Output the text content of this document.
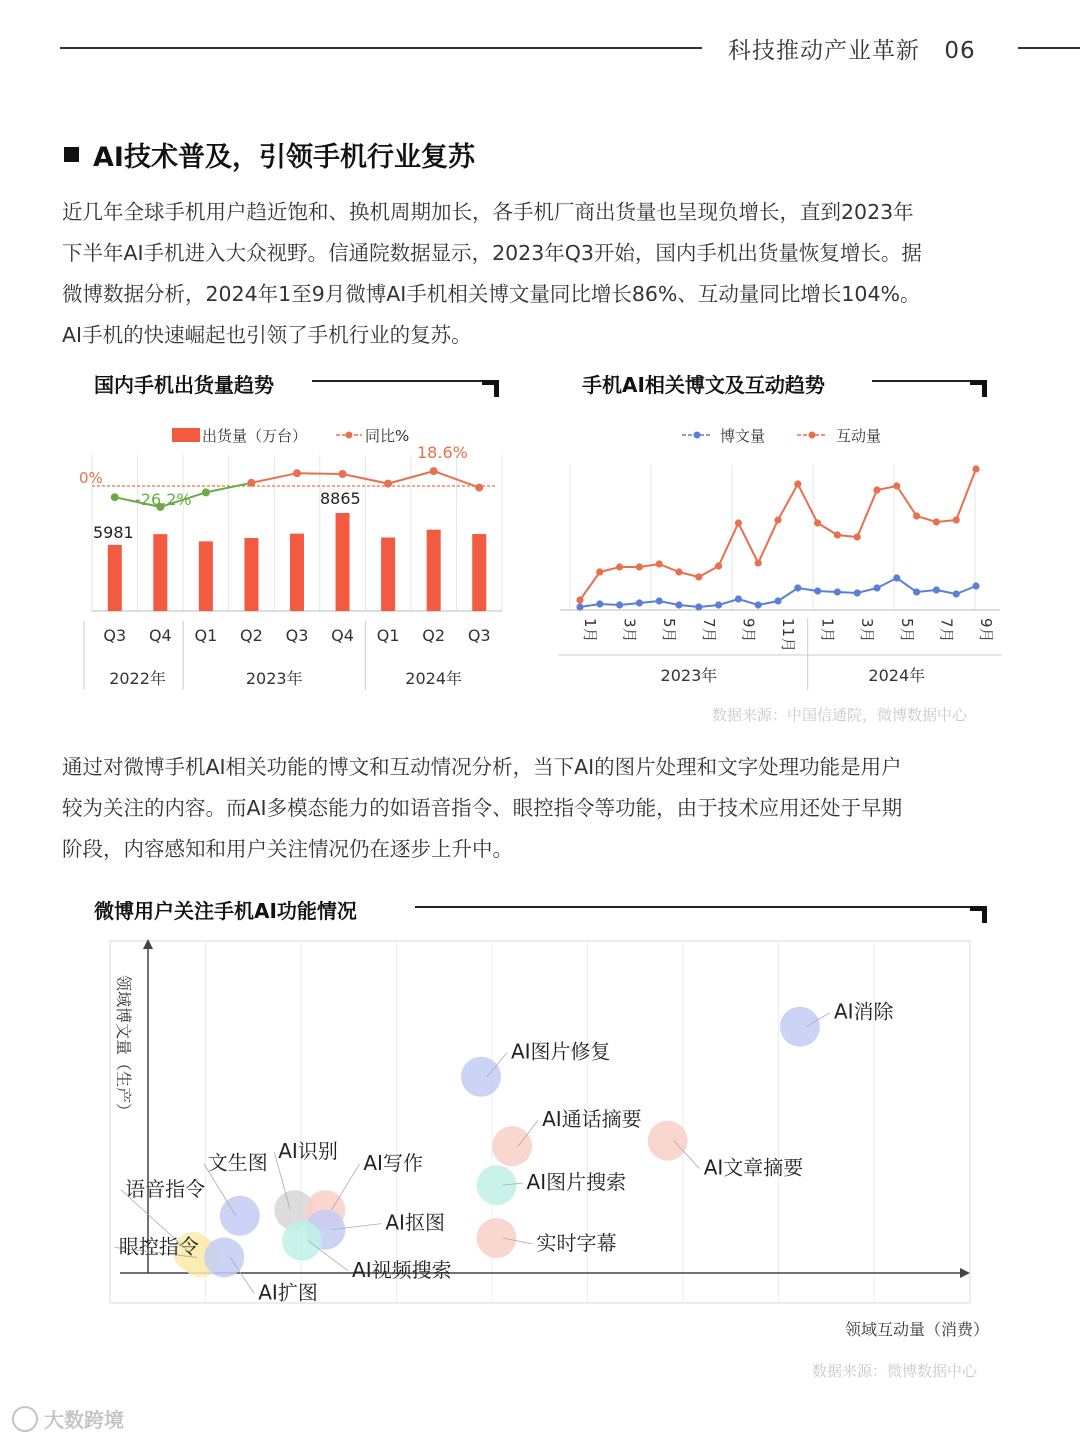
科技推动产业革新 06
AI技术普及，引领手机行业复苏
近几年全球手机用户趋近饱和、换机周期加长，各手机厂商出货量也呈现负增长，直到2023年
下半年AI手机进入大众视野。信通院数据显示，2023年Q3开始，国内手机出货量恢复增长。据
微博数据分析，2024年1至9月微博AI手机相关博文量同比增长86%、互动量同比增长104%。
AI手机的快速崛起也引领了手机行业的复苏。
国内手机出货量趋势	手机AI相关博文及互动趋势
出货量（万台）	同比%
0%
-26.2%
18.6%
5981
8865
Q3 Q4 Q1 Q2 Q3 Q4 Q1 Q2 Q3
2022年	2023年	2024年
博文量	互动量
1月 3月 5月 7月 9月 11月 1月 3月 5月 7月 9月
2023年	2024年
数据来源：中国信通院，微博数据中心
通过对微博手机AI相关功能的博文和互动情况分析，当下AI的图片处理和文字处理功能是用户
较为关注的内容。而AI多模态能力的如语音指令、眼控指令等功能，由于技术应用还处于早期
阶段，内容感知和用户关注情况仍在逐步上升中。
微博用户关注手机AI功能情况
AI消除
AI图片修复
AI通话摘要
AI文章摘要
AI图片搜索
实时字幕
文生图 AI识别 AI写作
AI抠图
AI视频搜索
语音指令
眼控指令
AI扩图
领域博文量（生产）
领域互动量（消费）
数据来源：微博数据中心
大数跨境
